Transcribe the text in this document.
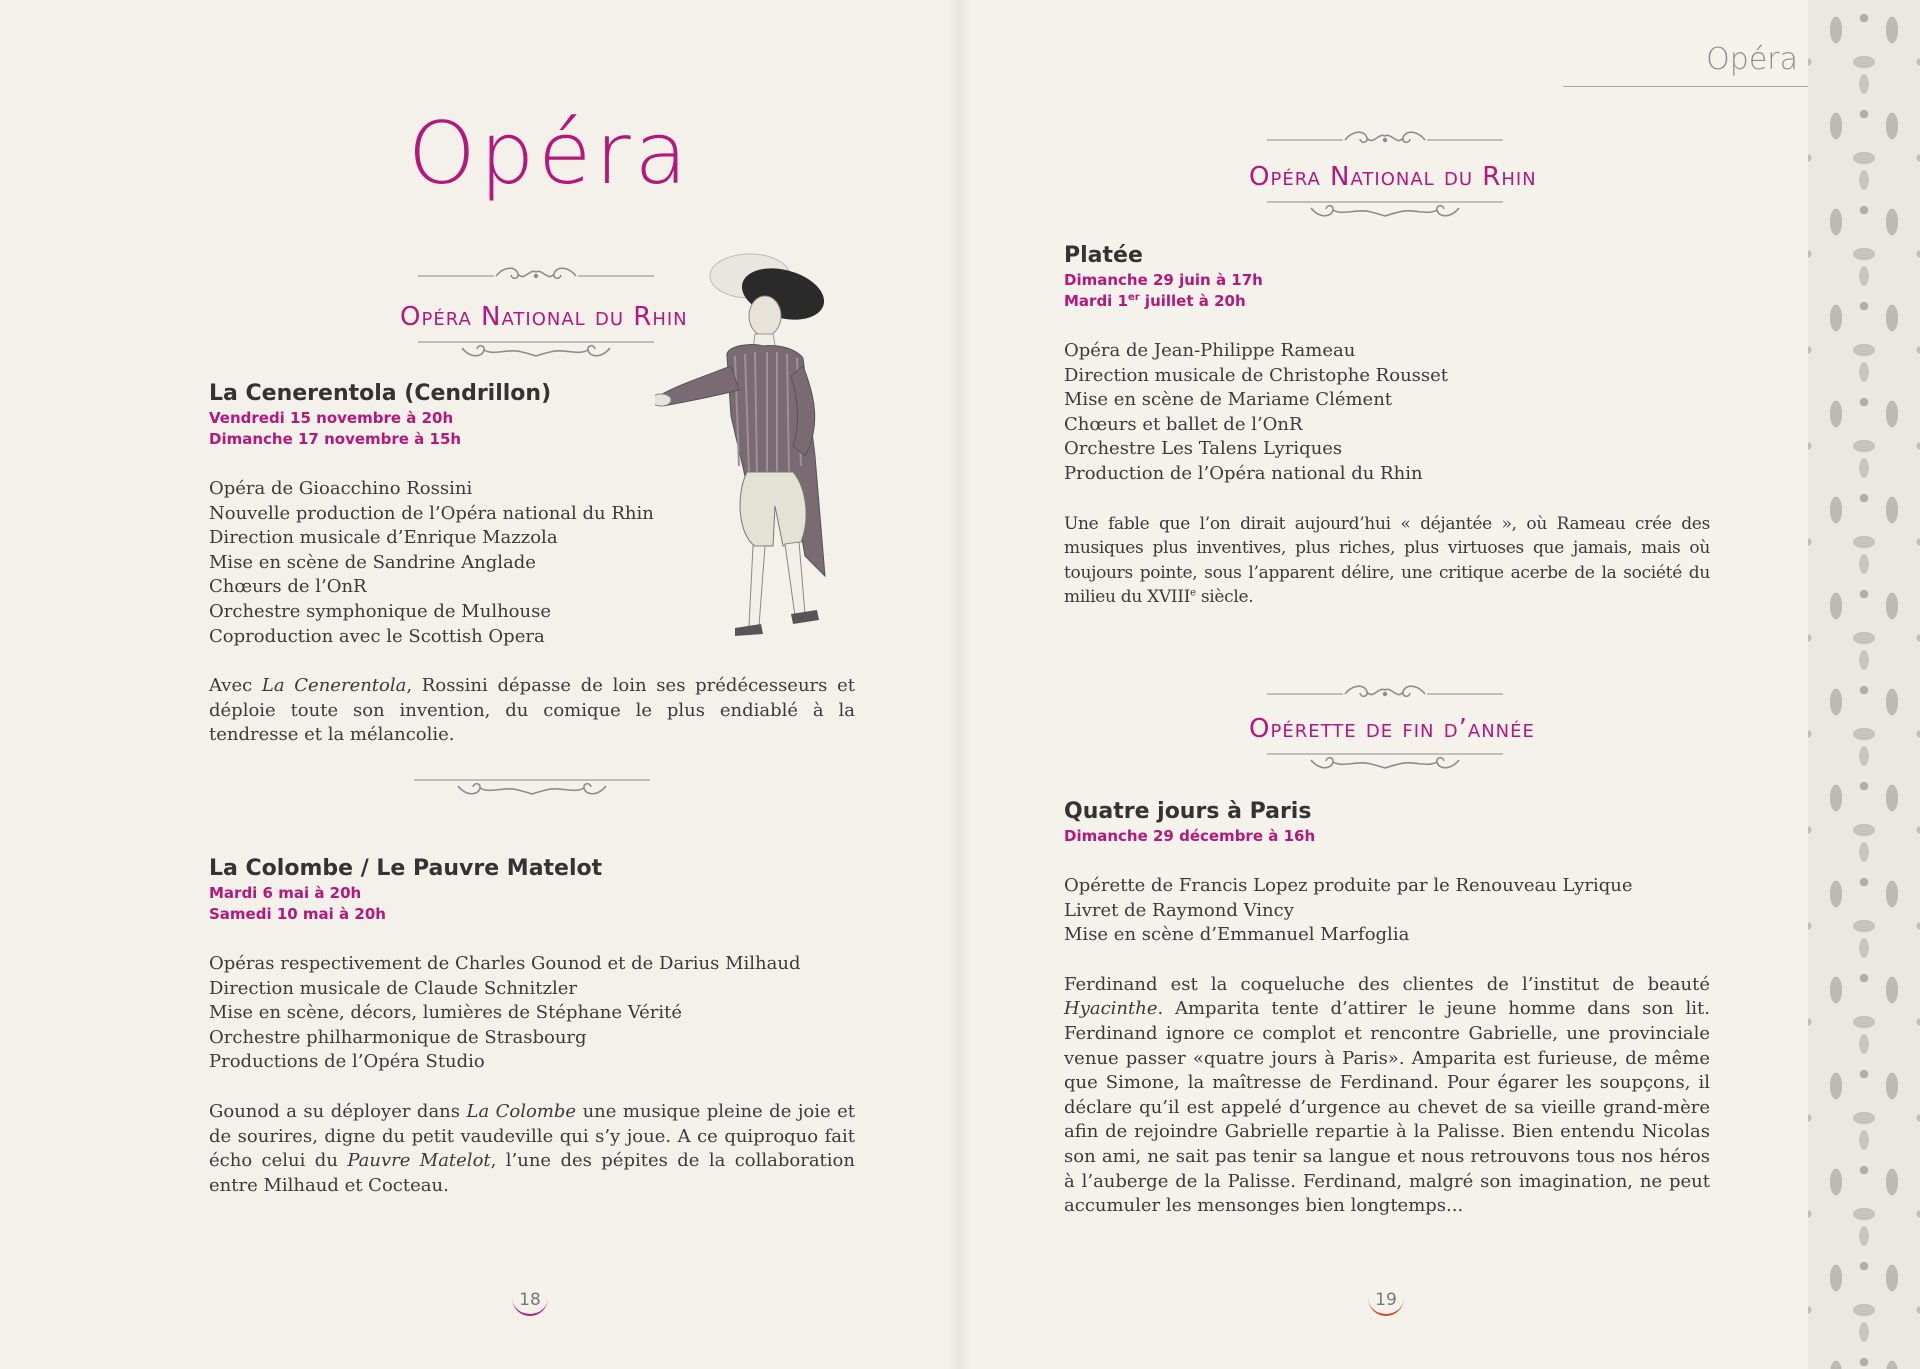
Opéra
Opéra
Opéra National du Rhin
La Cenerentola (Cendrillon)
Vendredi 15 novembre à 20h
Dimanche 17 novembre à 15h
Opéra de Gioacchino Rossini
Nouvelle production de l’Opéra national du Rhin
Direction musicale d’Enrique Mazzola
Mise en scène de Sandrine Anglade
Chœurs de l’OnR
Orchestre symphonique de Mulhouse
Coproduction avec le Scottish Opera
Avec La Cenerentola, Rossini dépasse de loin ses prédécesseurs et déploie toute son invention, du comique le plus endiablé à la tendresse et la mélancolie.
La Colombe / Le Pauvre Matelot
Mardi 6 mai à 20h
Samedi 10 mai à 20h
Opéras respectivement de Charles Gounod et de Darius Milhaud
Direction musicale de Claude Schnitzler
Mise en scène, décors, lumières de Stéphane Vérité
Orchestre philharmonique de Strasbourg
Productions de l’Opéra Studio
Gounod a su déployer dans La Colombe une musique pleine de joie et de sourires, digne du petit vaudeville qui s’y joue. A ce quiproquo fait écho celui du Pauvre Matelot, l’une des pépites de la collaboration entre Milhaud et Cocteau.
18
Opéra National du Rhin
Platée
Dimanche 29 juin à 17h
Mardi 1er juillet à 20h
Opéra de Jean-Philippe Rameau
Direction musicale de Christophe Rousset
Mise en scène de Mariame Clément
Chœurs et ballet de l’OnR
Orchestre Les Talens Lyriques
Production de l’Opéra national du Rhin
Une fable que l’on dirait aujourd’hui « déjantée », où Rameau crée des musiques plus inventives, plus riches, plus virtuoses que jamais, mais où toujours pointe, sous l’apparent délire, une critique acerbe de la société du milieu du XVIIIe siècle.
Opérette de fin d’année
Quatre jours à Paris
Dimanche 29 décembre à 16h
Opérette de Francis Lopez produite par le Renouveau Lyrique
Livret de Raymond Vincy
Mise en scène d’Emmanuel Marfoglia
Ferdinand est la coqueluche des clientes de l’institut de beauté Hyacinthe. Amparita tente d’attirer le jeune homme dans son lit. Ferdinand ignore ce complot et rencontre Gabrielle, une provinciale venue passer «quatre jours à Paris». Amparita est furieuse, de même que Simone, la maîtresse de Ferdinand. Pour égarer les soupçons, il déclare qu’il est appelé d’urgence au chevet de sa vieille grand-mère afin de rejoindre Gabrielle repartie à la Palisse. Bien entendu Nicolas son ami, ne sait pas tenir sa langue et nous retrouvons tous nos héros à l’auberge de la Palisse. Ferdinand, malgré son imagination, ne peut accumuler les mensonges bien longtemps...
19
